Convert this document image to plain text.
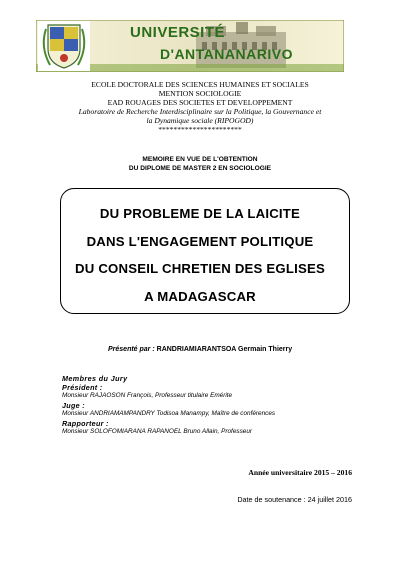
UNIVERSITÉ
D'ANTANANARIVO
ECOLE DOCTORALE DES SCIENCES HUMAINES ET SOCIALES
MENTION SOCIOLOGIE
EAD ROUAGES DES SOCIETES ET DEVELOPPEMENT
Laboratoire de Recherche Interdisciplinaire sur la Politique, la Gouvernance et
la Dynamique sociale (RIPOGOD)
**********************
MEMOIRE EN VUE DE L'OBTENTION
DU DIPLOME DE MASTER 2 EN SOCIOLOGIE
DU PROBLEME DE LA LAICITE
DANS L'ENGAGEMENT POLITIQUE
DU CONSEIL CHRETIEN DES EGLISES
A MADAGASCAR
Présenté par : RANDRIAMIARANTSOA Germain Thierry
Membres du Jury
Président :
Monsieur RAJAOSON François, Professeur titulaire Emérite
Juge :
Monsieur ANDRIAMAMPANDRY Todisoa Manampy, Maître de conférences
Rapporteur :
Monsieur SOLOFOMIARANA RAPANOEL Bruno Allain, Professeur
Année universitaire 2015 – 2016
Date de soutenance : 24 juillet 2016
